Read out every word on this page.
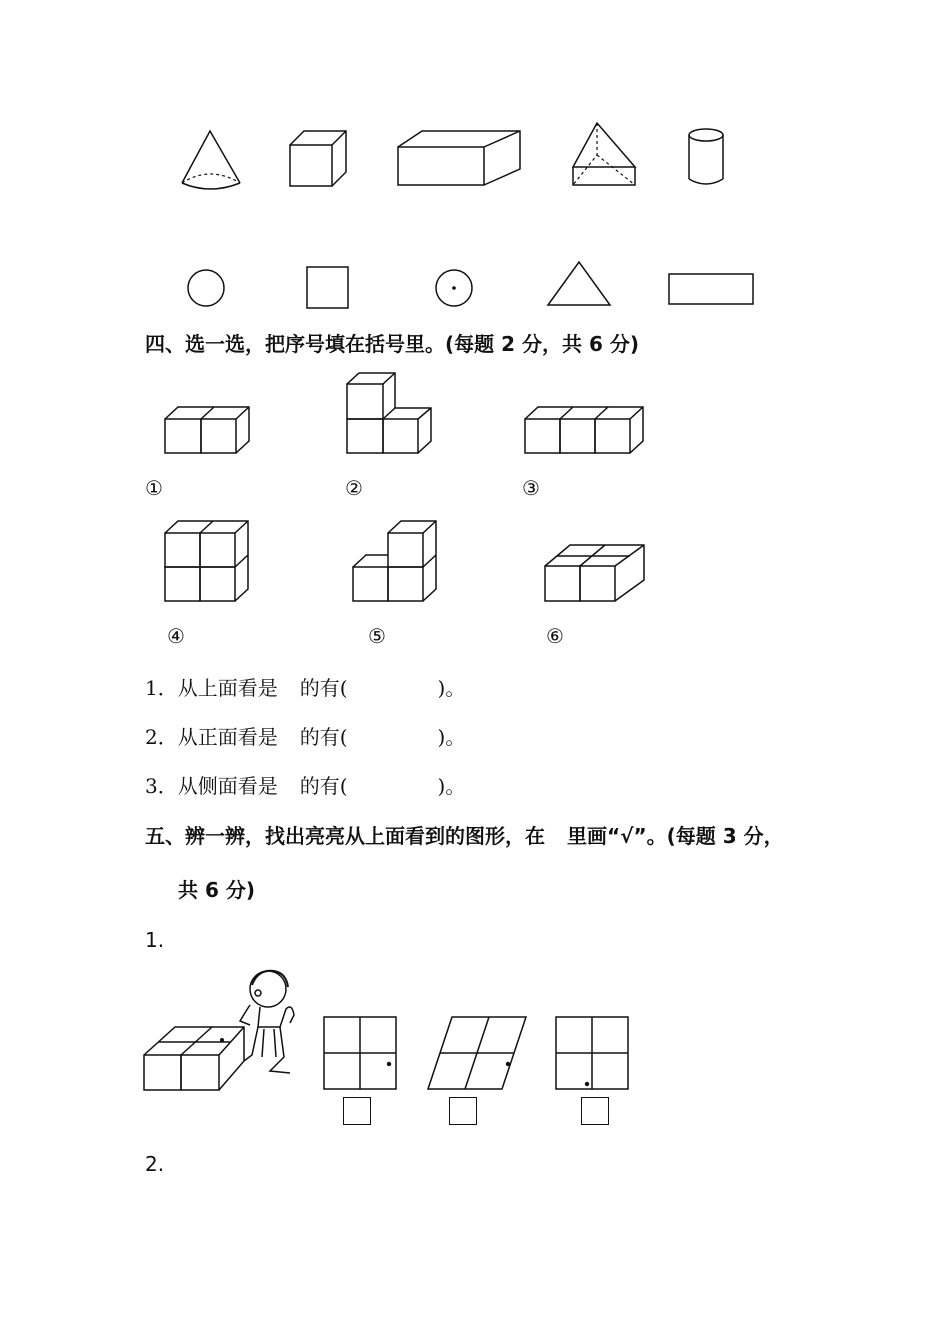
四、选一选，把序号填在括号里。(每题 2 分，共 6 分)
①	②	③
④	⑤	⑥
1．从上面看是 的有(	)。
2．从正面看是 的有(	)。
3．从侧面看是 的有(	)。
五、辨一辨，找出亮亮从上面看到的图形，在 里画“√”。(每题 3 分，
共 6 分)
1.
2.
